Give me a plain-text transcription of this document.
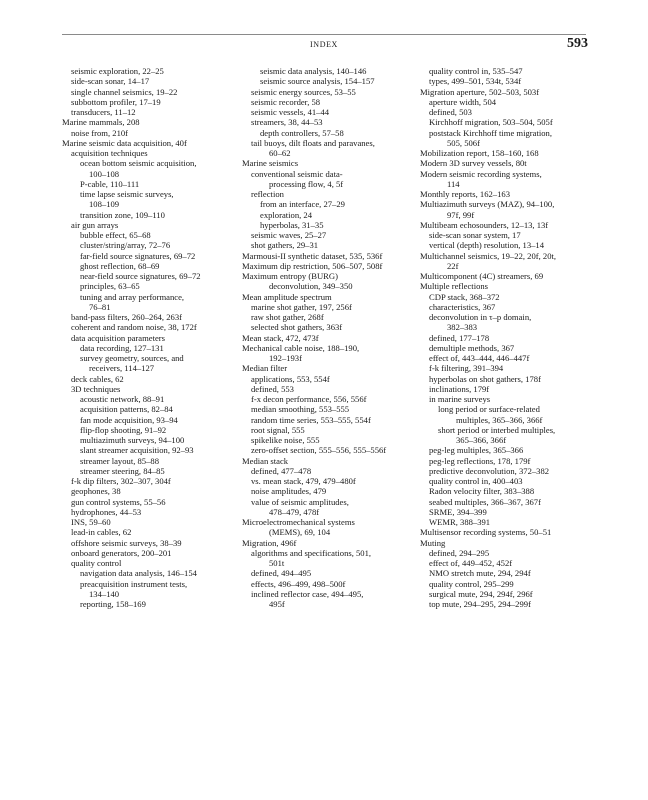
INDEX	593
seismic exploration, 22–25
side-scan sonar, 14–17
single channel seismics, 19–22
subbottom profiler, 17–19
transducers, 11–12
Marine mammals, 208
noise from, 210f
Marine seismic data acquisition, 40f
acquisition techniques
ocean bottom seismic acquisition,
100–108
P-cable, 110–111
time lapse seismic surveys,
108–109
transition zone, 109–110
air gun arrays
bubble effect, 65–68
cluster/string/array, 72–76
far-field source signatures, 69–72
ghost reflection, 68–69
near-field source signatures, 69–72
principles, 63–65
tuning and array performance,
76–81
band-pass filters, 260–264, 263f
coherent and random noise, 38, 172f
data acquisition parameters
data recording, 127–131
survey geometry, sources, and
receivers, 114–127
deck cables, 62
3D techniques
acoustic network, 88–91
acquisition patterns, 82–84
fan mode acquisition, 93–94
flip-flop shooting, 91–92
multiazimuth surveys, 94–100
slant streamer acquisition, 92–93
streamer layout, 85–88
streamer steering, 84–85
f-k dip filters, 302–307, 304f
geophones, 38
gun control systems, 55–56
hydrophones, 44–53
INS, 59–60
lead-in cables, 62
offshore seismic surveys, 38–39
onboard generators, 200–201
quality control
navigation data analysis, 146–154
preacquisition instrument tests,
134–140
reporting, 158–169
seismic data analysis, 140–146
seismic source analysis, 154–157
seismic energy sources, 53–55
seismic recorder, 58
seismic vessels, 41–44
streamers, 38, 44–53
depth controllers, 57–58
tail buoys, dilt floats and paravanes,
60–62
Marine seismics
conventional seismic data-
processing flow, 4, 5f
reflection
from an interface, 27–29
exploration, 24
hyperbolas, 31–35
seismic waves, 25–27
shot gathers, 29–31
Marmousi-II synthetic dataset, 535, 536f
Maximum dip restriction, 506–507, 508f
Maximum entropy (BURG)
deconvolution, 349–350
Mean amplitude spectrum
marine shot gather, 197, 256f
raw shot gather, 268f
selected shot gathers, 363f
Mean stack, 472, 473f
Mechanical cable noise, 188–190,
192–193f
Median filter
applications, 553, 554f
defined, 553
f-x decon performance, 556, 556f
median smoothing, 553–555
random time series, 553–555, 554f
root signal, 555
spikelike noise, 555
zero-offset section, 555–556, 555–556f
Median stack
defined, 477–478
vs. mean stack, 479, 479–480f
noise amplitudes, 479
value of seismic amplitudes,
478–479, 478f
Microelectromechanical systems
(MEMS), 69, 104
Migration, 496f
algorithms and specifications, 501,
501t
defined, 494–495
effects, 496–499, 498–500f
inclined reflector case, 494–495,
495f
quality control in, 535–547
types, 499–501, 534t, 534f
Migration aperture, 502–503, 503f
aperture width, 504
defined, 503
Kirchhoff migration, 503–504, 505f
poststack Kirchhoff time migration,
505, 506f
Mobilization report, 158–160, 168
Modern 3D survey vessels, 80t
Modern seismic recording systems,
114
Monthly reports, 162–163
Multiazimuth surveys (MAZ), 94–100,
97f, 99f
Multibeam echosounders, 12–13, 13f
side-scan sonar system, 17
vertical (depth) resolution, 13–14
Multichannel seismics, 19–22, 20f, 20t,
22f
Multicomponent (4C) streamers, 69
Multiple reflections
CDP stack, 368–372
characteristics, 367
deconvolution in τ–p domain,
382–383
defined, 177–178
demultiple methods, 367
effect of, 443–444, 446–447f
f-k filtering, 391–394
hyperbolas on shot gathers, 178f
inclinations, 179f
in marine surveys
long period or surface-related
multiples, 365–366, 366f
short period or interbed multiples,
365–366, 366f
peg-leg multiples, 365–366
peg-leg reflections, 178, 179f
predictive deconvolution, 372–382
quality control in, 400–403
Radon velocity filter, 383–388
seabed multiples, 366–367, 367f
SRME, 394–399
WEMR, 388–391
Multisensor recording systems, 50–51
Muting
defined, 294–295
effect of, 449–452, 452f
NMO stretch mute, 294, 294f
quality control, 295–299
surgical mute, 294, 294f, 296f
top mute, 294–295, 294–299f
